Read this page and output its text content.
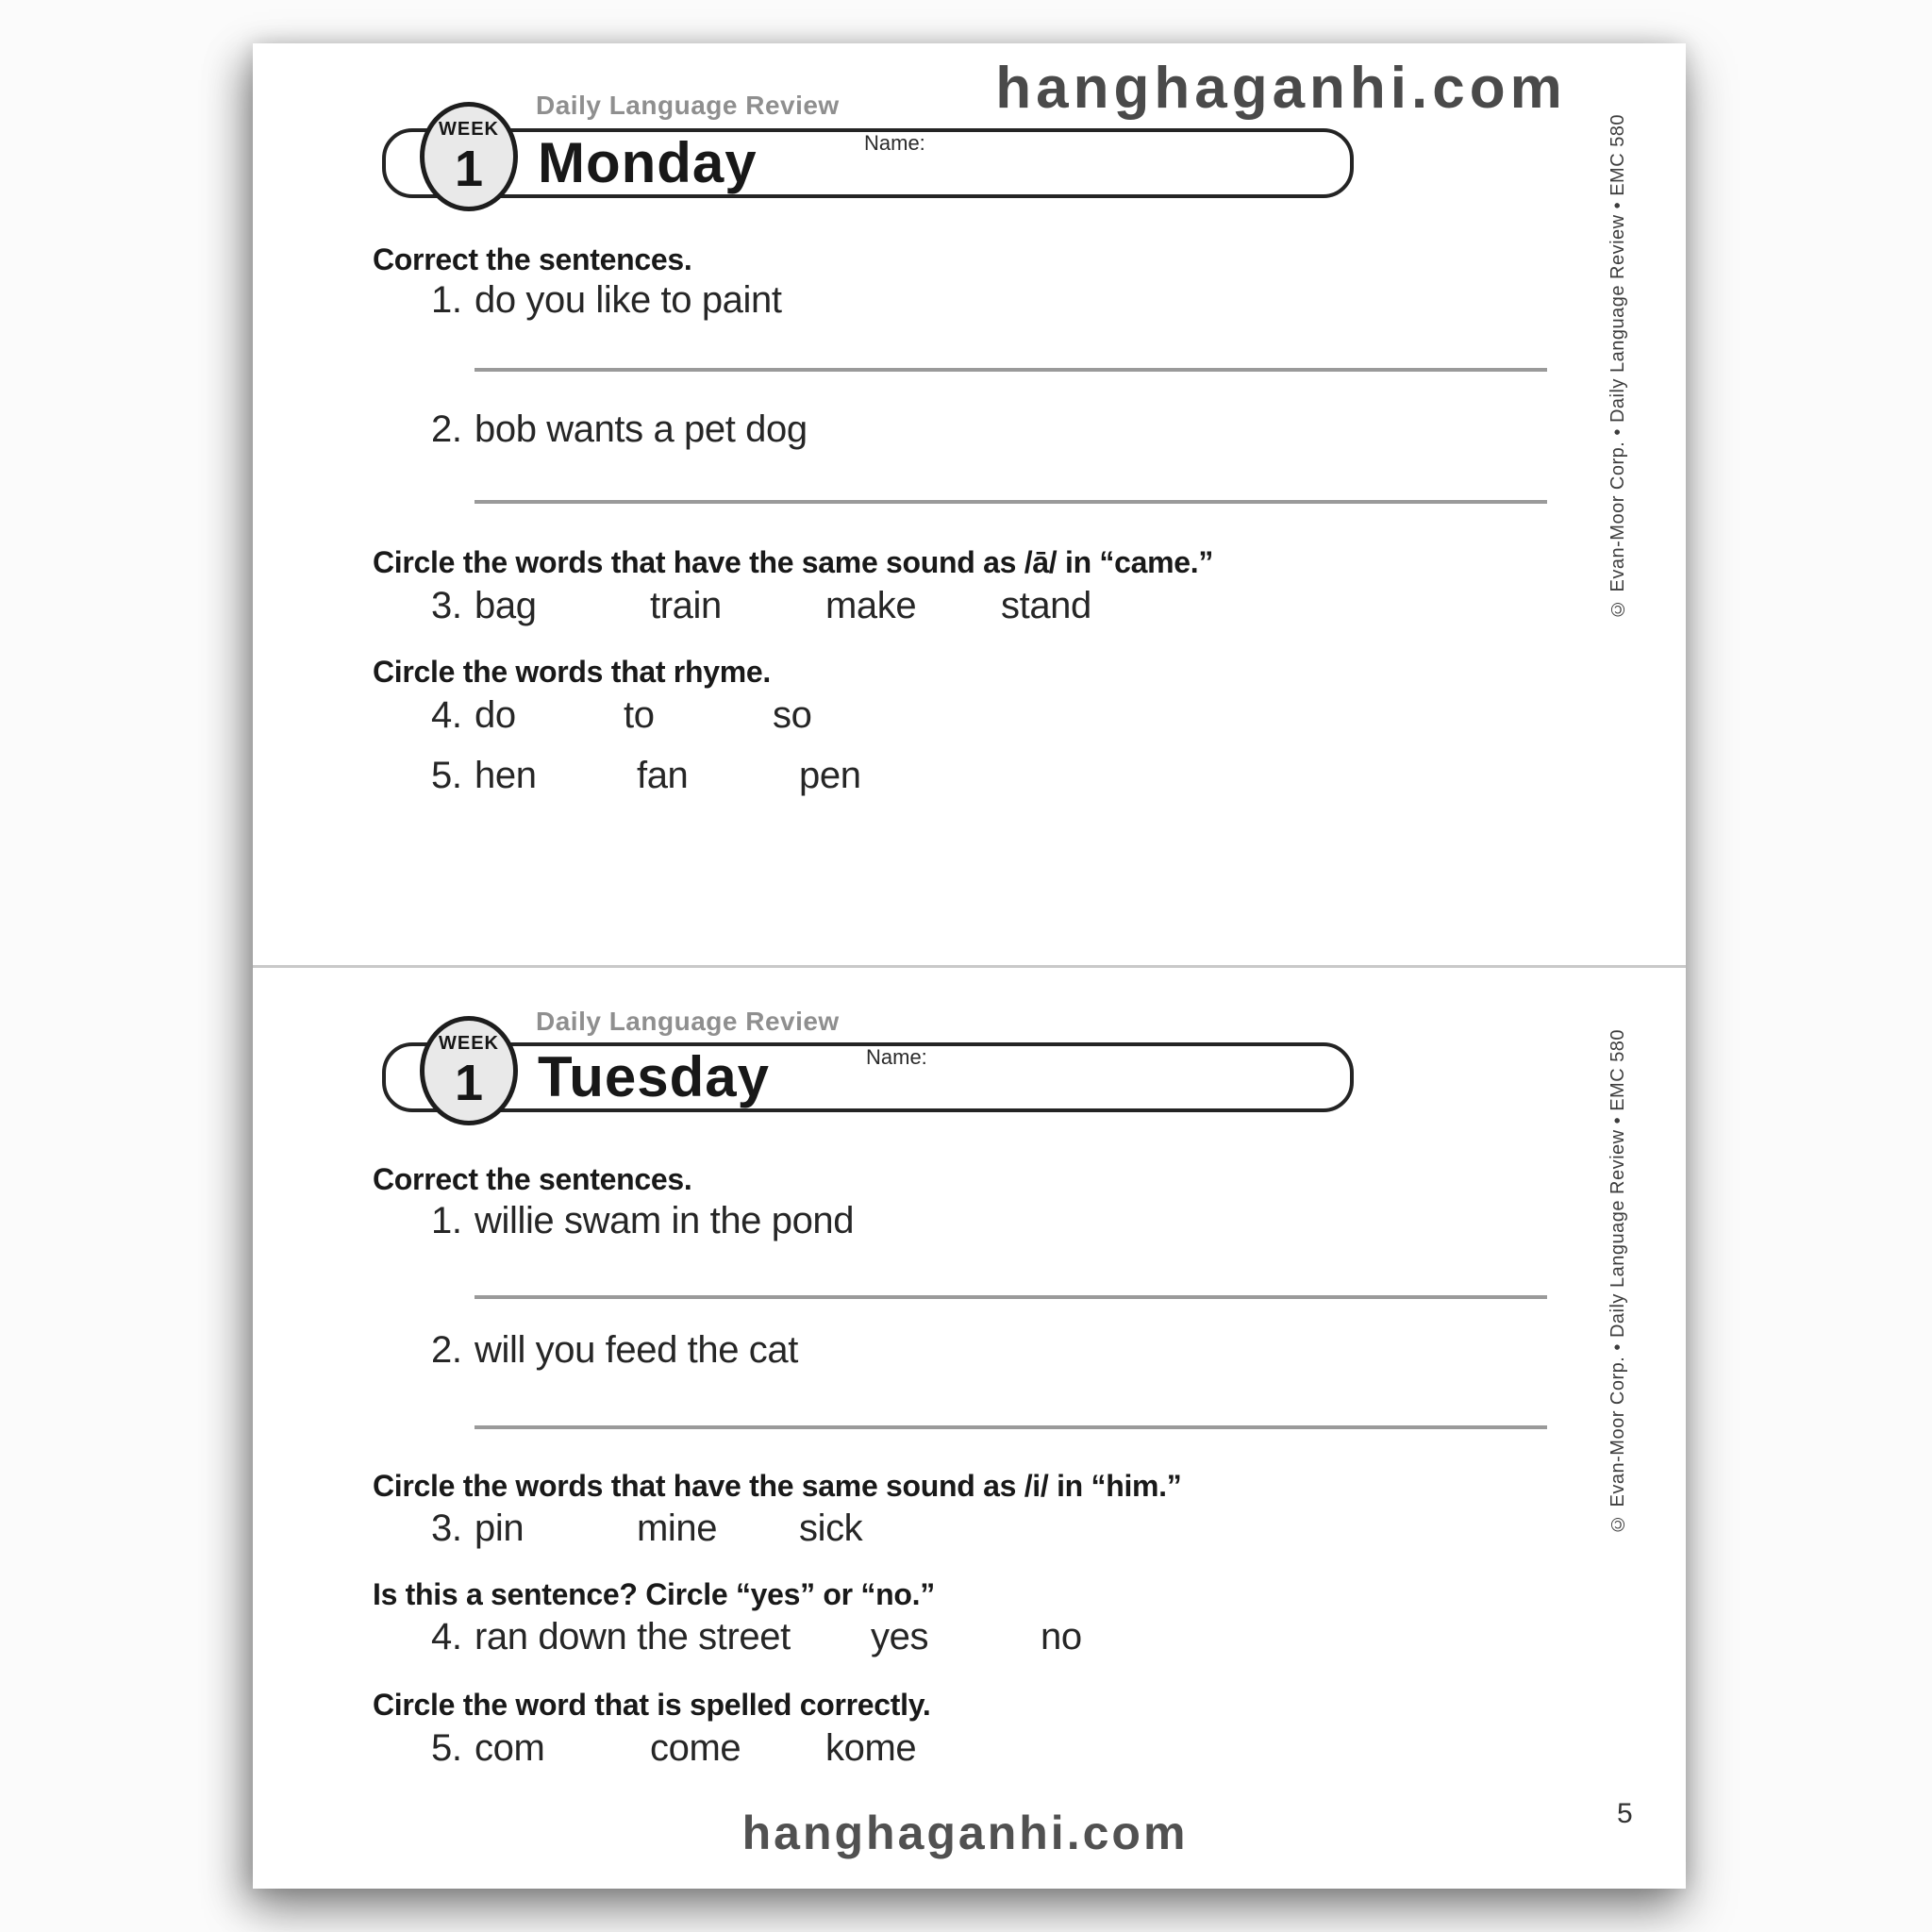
hanghaganhi.com
Daily Language Review
WEEK
1 Monday	Name:	© Evan-Moor Corp. • Daily Language Review • EMC 580
Correct the sentences.
1. do you like to paint
2. bob wants a pet dog
Circle the words that have the same sound as /ā/ in “came.”
3. bag	train	make	stand
Circle the words that rhyme.
4. do	to	so
5. hen	fan	pen
Daily Language Review
WEEK
1 Tuesday	Name:	© Evan-Moor Corp. • Daily Language Review • EMC 580
Correct the sentences.
1. willie swam in the pond
2. will you feed the cat
Circle the words that have the same sound as /i/ in “him.”
3. pin	mine	sick
Is this a sentence? Circle “yes” or “no.”
4. ran down the street	yes	no
Circle the word that is spelled correctly.
5. com	come	kome
hanghaganhi.com	5
